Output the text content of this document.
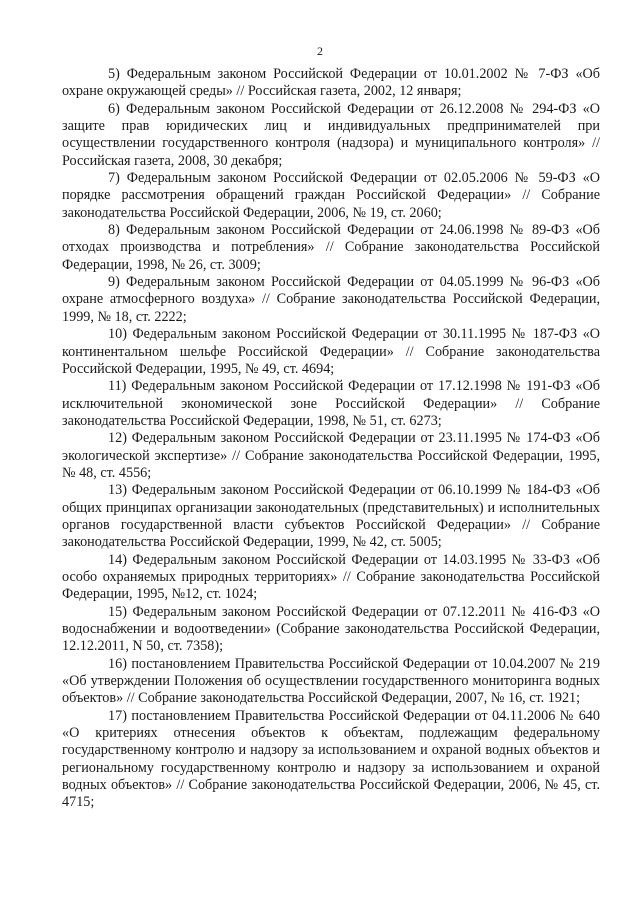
2

5) Федеральным законом Российской Федерации от 10.01.2002 № 7-ФЗ «Об охране окружающей среды» // Российская газета, 2002, 12 января;

6) Федеральным законом Российской Федерации от 26.12.2008 № 294-ФЗ «О защите прав юридических лиц и индивидуальных предпринимателей при осуществлении государственного контроля (надзора) и муниципального контроля» // Российская газета, 2008, 30 декабря;

7) Федеральным законом Российской Федерации от 02.05.2006 № 59-ФЗ «О порядке рассмотрения обращений граждан Российской Федерации» // Собрание законодательства Российской Федерации, 2006, № 19, ст. 2060;

8) Федеральным законом Российской Федерации от 24.06.1998 № 89-ФЗ «Об отходах производства и потребления» // Собрание законодательства Российской Федерации, 1998, № 26, ст. 3009;

9) Федеральным законом Российской Федерации от 04.05.1999 № 96-ФЗ «Об охране атмосферного воздуха» // Собрание законодательства Российской Федерации, 1999, № 18, ст. 2222;

10) Федеральным законом Российской Федерации от 30.11.1995 № 187-ФЗ «О континентальном шельфе Российской Федерации» // Собрание законодательства Российской Федерации, 1995, № 49, ст. 4694;

11) Федеральным законом Российской Федерации от 17.12.1998 № 191-ФЗ «Об исключительной экономической зоне Российской Федерации» // Собрание законодательства Российской Федерации, 1998, № 51, ст. 6273;

12) Федеральным законом Российской Федерации от 23.11.1995 № 174-ФЗ «Об экологической экспертизе» // Собрание законодательства Российской Федерации, 1995, № 48, ст. 4556;

13) Федеральным законом Российской Федерации от 06.10.1999 № 184-ФЗ «Об общих принципах организации законодательных (представительных) и исполнительных органов государственной власти субъектов Российской Федерации» // Собрание законодательства Российской Федерации, 1999, № 42, ст. 5005;

14) Федеральным законом Российской Федерации от 14.03.1995 № 33-ФЗ «Об особо охраняемых природных территориях» // Собрание законодательства Российской Федерации, 1995, №12, ст. 1024;

15) Федеральным законом Российской Федерации от 07.12.2011 № 416-ФЗ «О водоснабжении и водоотведении» (Собрание законодательства Российской Федерации, 12.12.2011, N 50, ст. 7358);

16) постановлением Правительства Российской Федерации от 10.04.2007 № 219 «Об утверждении Положения об осуществлении государственного мониторинга водных объектов» // Собрание законодательства Российской Федерации, 2007, № 16, ст. 1921;

17) постановлением Правительства Российской Федерации от 04.11.2006 № 640 «О критериях отнесения объектов к объектам, подлежащим федеральному государственному контролю и надзору за использованием и охраной водных объектов и региональному государственному контролю и надзору за использованием и охраной водных объектов» // Собрание законодательства Российской Федерации, 2006, № 45, ст. 4715;
